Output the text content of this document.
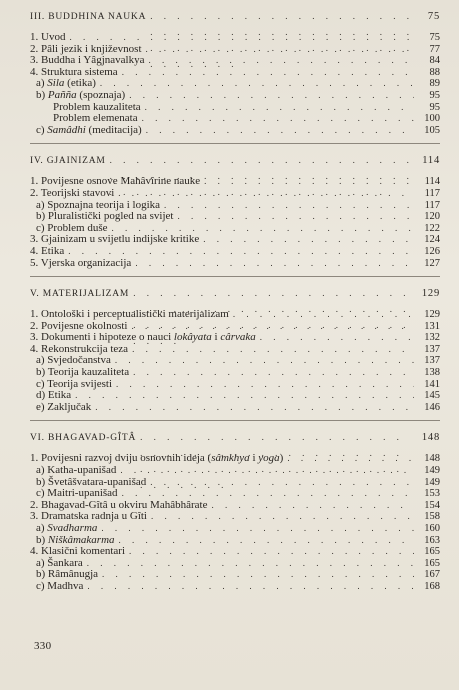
III. BUDDHINA NAUKA . . .	75
1. Uvod . . .	75
2. Pâli jezik i književnost . . .	77
3. Buddha i Yâgjnavalkya . . .	84
4. Struktura sistema . . .	88
a) Sila (etika) . . .	89
b) Pañña (spoznaja) . . .	95
Problem kauzaliteta . . .	95
Problem elemenata . . .	100
c) Samâdhi (meditacija) . . .	105
IV. GJAINIZAM . . .	114
1. Povijesne osnove Mahâvîrine nauke . . .	114
2. Teorijski stavovi . . .	117
a) Spoznajna teorija i logika . . .	117
b) Pluralistički pogled na svijet . . .	120
c) Problem duše . . .	122
3. Gjainizam u svijetlu indijske kritike . . .	124
4. Etika . . .	126
5. Vjerska organizacija . . .	127
V. MATERIJALIZAM . . .	129
1. Ontološki i perceptualistički materijalizam . . .	129
2. Povijesne okolnosti . . .	131
3. Dokumenti i hipoteze o nauci lokâyata i cârvaka . . .	132
4. Rekonstrukcija teza . . .	137
a) Svjedočanstva . . .	137
b) Teorija kauzaliteta . . .	138
c) Teorija svijesti . . .	141
d) Etika . . .	145
e) Zaključak . . .	146
VI. BHAGAVAD-GÎTÂ . . .	148
1. Povijesni razvoj dviju osnovnih ideja (sâmkhya i yoga) . . .	148
a) Katha-upanišad . . .	149
b) Švetâšvatara-upanišad . . .	149
c) Maitri-upanišad . . .	153
2. Bhagavad-Gîtâ u okviru Mahâbhârate . . .	154
3. Dramatska radnja u Gîti . . .	158
a) Svadharma . . .	160
b) Niškâmakarma . . .	163
4. Klasični komentari . . .	165
a) Šankara . . .	165
b) Râmânugja . . .	167
c) Madhva . . .	168
330
